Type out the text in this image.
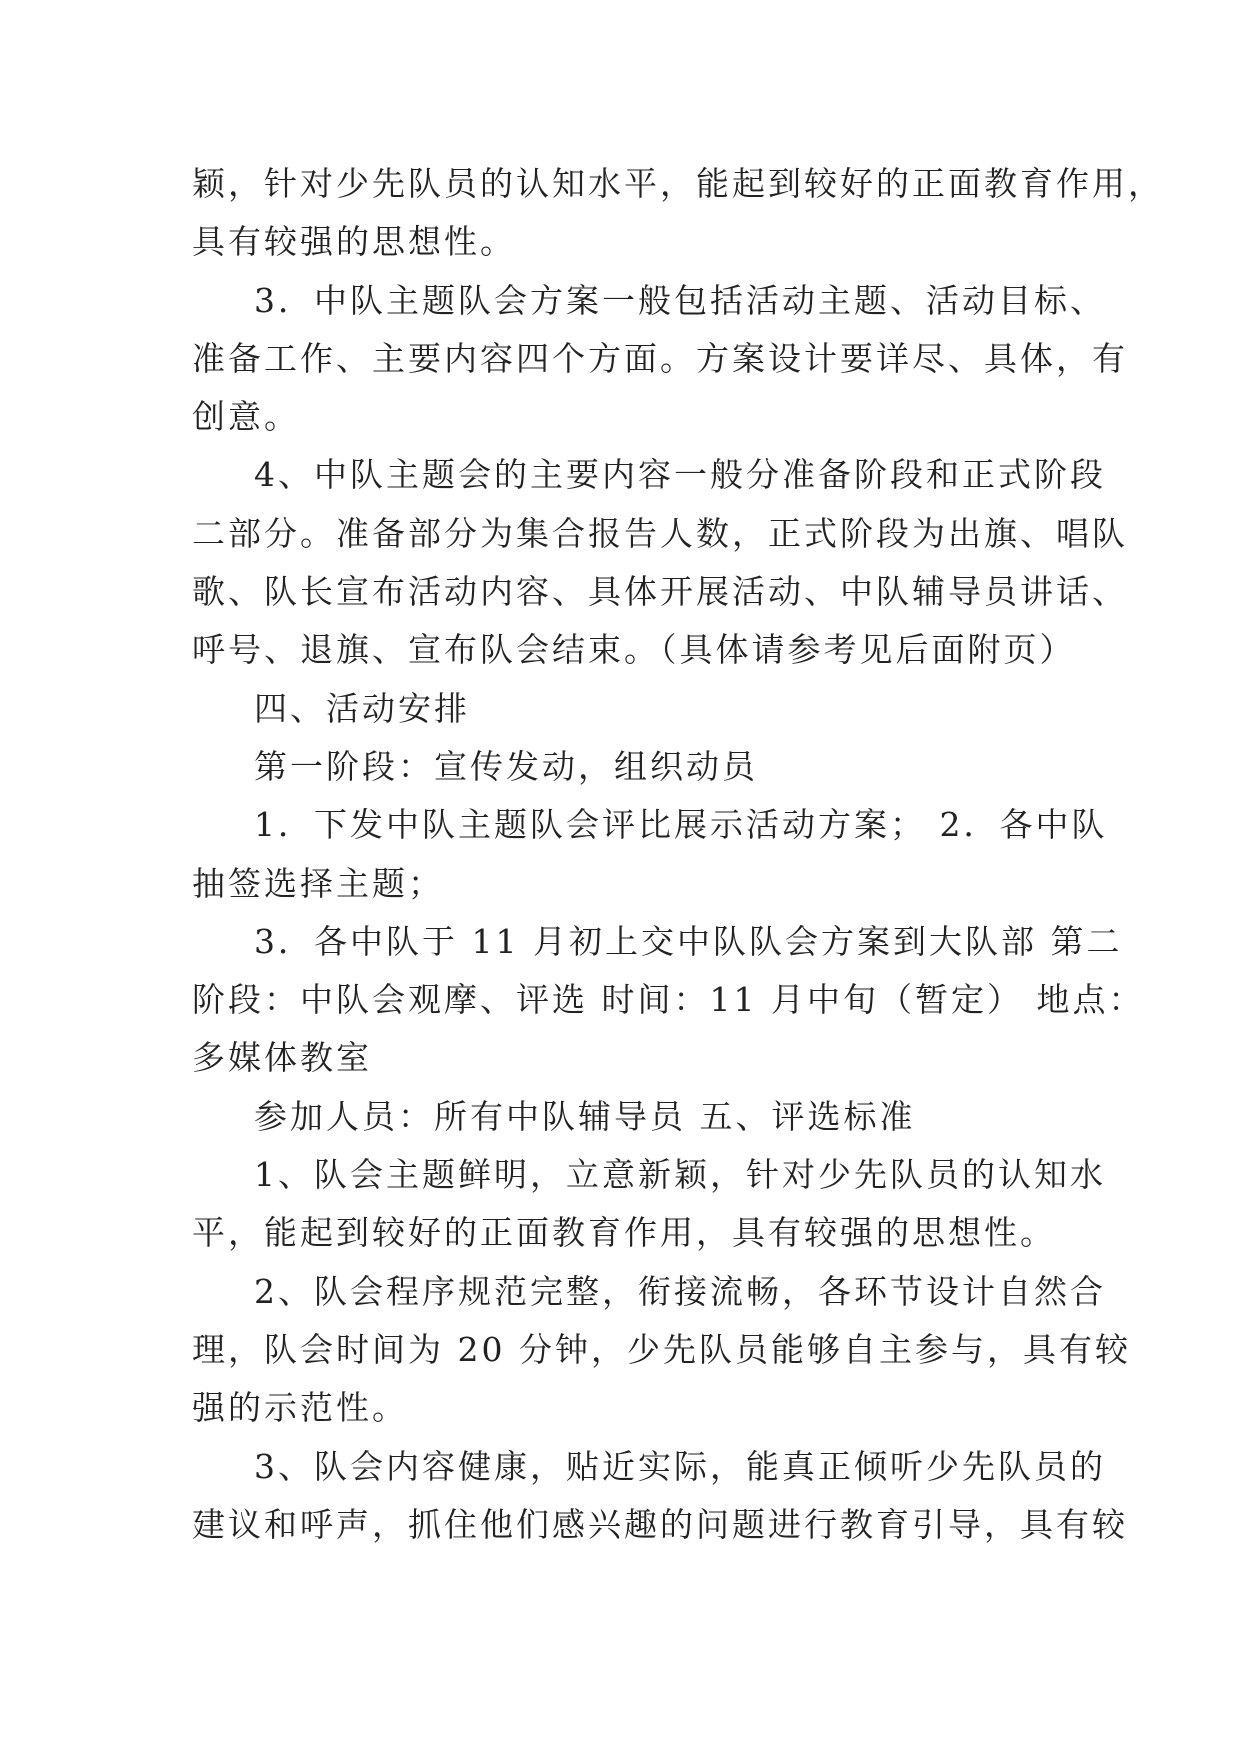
颖，针对少先队员的认知水平，能起到较好的正面教育作用，
具有较强的思想性。
3．中队主题队会方案一般包括活动主题、活动目标、
准备工作、主要内容四个方面。方案设计要详尽、具体，有
创意。
4、中队主题会的主要内容一般分准备阶段和正式阶段
二部分。准备部分为集合报告人数，正式阶段为出旗、唱队
歌、队长宣布活动内容、具体开展活动、中队辅导员讲话、
呼号、退旗、宣布队会结束。（具体请参考见后面附页）
四、活动安排
第一阶段：宣传发动，组织动员
1．下发中队主题队会评比展示活动方案； 2．各中队
抽签选择主题；
3．各中队于 11 月初上交中队队会方案到大队部 第二
阶段：中队会观摩、评选 时间：11 月中旬（暂定） 地点：
多媒体教室
参加人员：所有中队辅导员 五、评选标准
1、队会主题鲜明，立意新颖，针对少先队员的认知水
平，能起到较好的正面教育作用，具有较强的思想性。
2、队会程序规范完整，衔接流畅，各环节设计自然合
理，队会时间为 20 分钟，少先队员能够自主参与，具有较
强的示范性。
3、队会内容健康，贴近实际，能真正倾听少先队员的
建议和呼声，抓住他们感兴趣的问题进行教育引导，具有较
